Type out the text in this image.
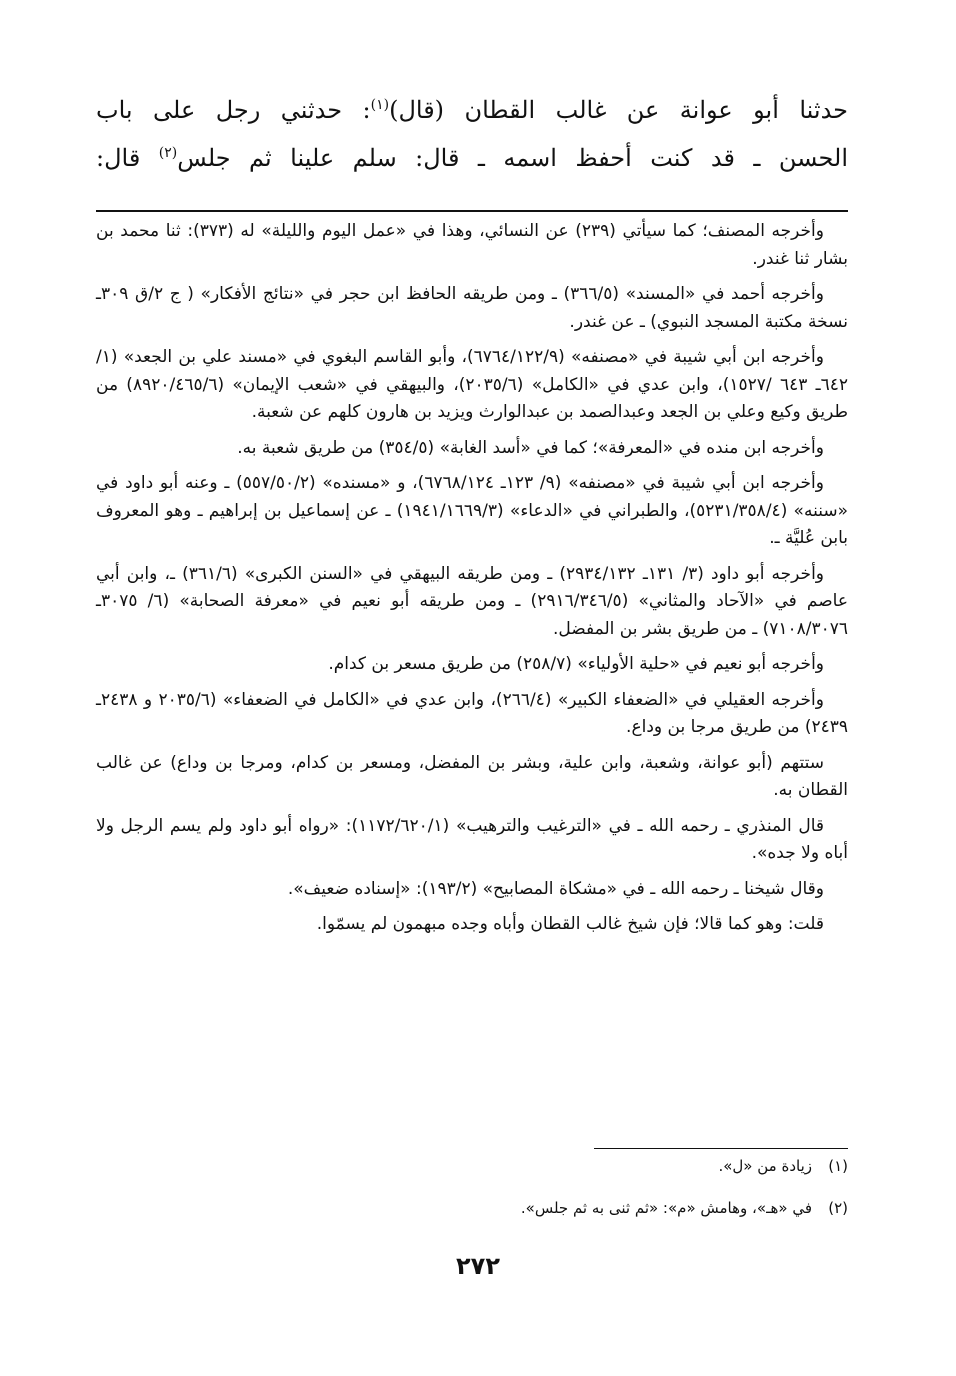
حدثنا أبو عوانة عن غالب القطان (قال)$^{(١)}$: حدثني رجل على باب
الحسن ـ قد كنت أحفظ اسمه ـ قال: سلم علينا ثم جلس$^{(٢)}$ قال:

وأخرجه المصنف؛ كما سيأتي (٢٣٩) عن النسائي، وهذا في «عمل اليوم والليلة» له (٣٧٣): ثنا محمد بن بشار ثنا غندر.

وأخرجه أحمد في «المسند» (٣٦٦/٥) ـ ومن طريقه الحافظ ابن حجر في «نتائج الأفكار» ( ج ٢/ق ٣٠٩ـ نسخة مكتبة المسجد النبوي) ـ عن غندر.

وأخرجه ابن أبي شيبة في «مصنفه» (٦٧٦٤/١٢٢/٩)، وأبو القاسم البغوي في «مسند علي بن الجعد» (١/ ٦٤٢ـ ٦٤٣ /١٥٢٧)، وابن عدي في «الكامل» (٢٠٣٥/٦)، والبيهقي في «شعب الإيمان» (٨٩٢٠/٤٦٥/٦) من طريق وكيع وعلي بن الجعد وعبدالصمد بن عبدالوارث ويزيد بن هارون كلهم عن شعبة.

وأخرجه ابن منده في «المعرفة»؛ كما في «أسد الغابة» (٣٥٤/٥) من طريق شعبة به.

وأخرجه ابن أبي شيبة في «مصنفه» (٩/ ١٢٣ـ ٦٧٦٨/١٢٤)، و «مسنده» (٥٥٧/٥٠/٢) ـ وعنه أبو داود في «سننه» (٥٢٣١/٣٥٨/٤)، والطبراني في «الدعاء» (١٩٤١/١٦٦٩/٣) ـ عن إسماعيل بن إبراهيم ـ وهو المعروف بابن عُليَّة ـ.

وأخرجه أبو داود (٣/ ١٣١ـ ٢٩٣٤/١٣٢) ـ ومن طريقه البيهقي في «السنن الكبرى» (٣٦١/٦) ـ، وابن أبي عاصم في «الآحاد والمثاني» (٢٩١٦/٣٤٦/٥) ـ ومن طريقه أبو نعيم في «معرفة الصحابة» (٦/ ٣٠٧٥ـ ٧١٠٨/٣٠٧٦) ـ من طريق بشر بن المفضل.

وأخرجه أبو نعيم في «حلية الأولياء» (٢٥٨/٧) من طريق مسعر بن كدام.

وأخرجه العقيلي في «الضعفاء الكبير» (٢٦٦/٤)، وابن عدي في «الكامل في الضعفاء» (٢٠٣٥/٦ و ٢٤٣٨ـ ٢٤٣٩) من طريق مرجا بن وداع.

ستتهم (أبو عوانة، وشعبة، وابن علية، وبشر بن المفضل، ومسعر بن كدام، ومرجا بن وداع) عن غالب القطان به.

قال المنذري ـ رحمه الله ـ في «الترغيب والترهيب» (١١٧٢/٦٢٠/١): «رواه أبو داود ولم يسم الرجل ولا أباه ولا جده».

وقال شيخنا ـ رحمه الله ـ في «مشكاة المصابيح» (١٩٣/٢): «إسناده ضعيف».

قلت: وهو كما قالا؛ فإن شيخ غالب القطان وأباه وجده مبهمون لم يسمّوا.

(١)
زيادة من «ل».
(٢)
في «هـ»، وهامش «م»: «ثم ثنى به ثم جلس».
٢٧٢
